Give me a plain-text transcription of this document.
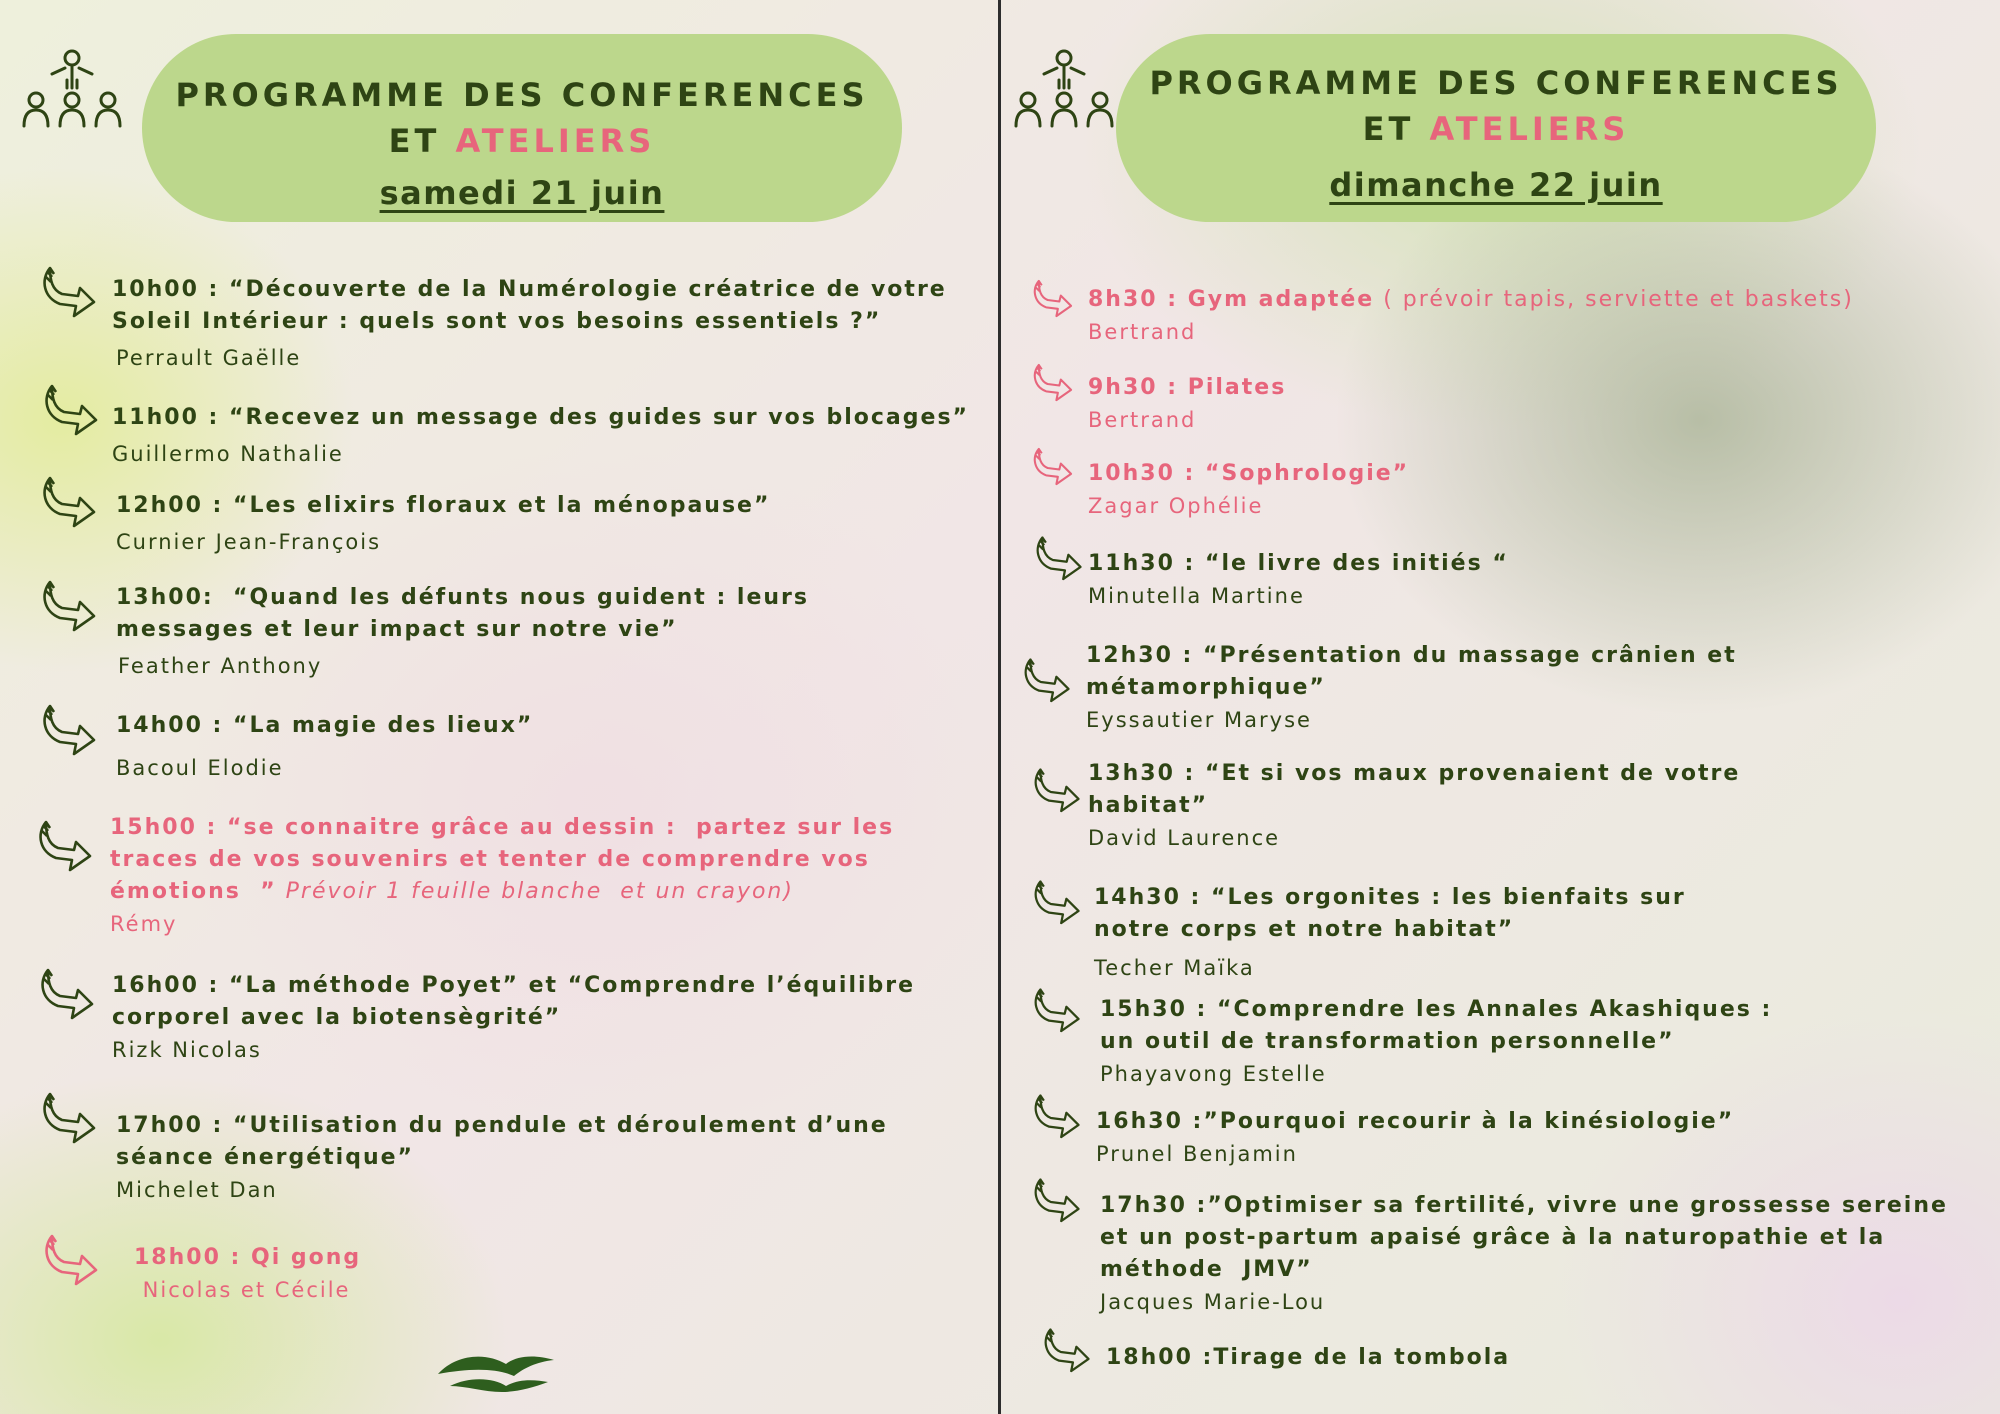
PROGRAMME DES CONFERENCES
ET ATELIERS
samedi 21 juin
PROGRAMME DES CONFERENCES
ET ATELIERS
dimanche 22 juin
10h00 : “Découverte de la Numérologie créatrice de votre
Soleil Intérieur : quels sont vos besoins essentiels ?”
Perrault Gaëlle
11h00 : “Recevez un message des guides sur vos blocages”
Guillermo Nathalie
12h00 : “Les elixirs floraux et la ménopause”
Curnier Jean-François
13h00:  “Quand les défunts nous guident : leurs
messages et leur impact sur notre vie”
Feather Anthony
14h00 : “La magie des lieux”
Bacoul Elodie
15h00 : “se connaitre grâce au dessin :  partez sur les
traces de vos souvenirs et tenter de comprendre vos
émotions  ” Prévoir 1 feuille blanche  et un crayon)
Rémy
16h00 : “La méthode Poyet” et “Comprendre l’équilibre
corporel avec la biotensègrité”
Rizk Nicolas
17h00 : “Utilisation du pendule et déroulement d’une
séance énergétique”
Michelet Dan
18h00 : Qi gong
Nicolas et Cécile
8h30 : Gym adaptée ( prévoir tapis, serviette et baskets)
Bertrand
9h30 : Pilates
Bertrand
10h30 : “Sophrologie”
Zagar Ophélie
11h30 : “le livre des initiés “
Minutella Martine
12h30 : “Présentation du massage crânien et
métamorphique”
Eyssautier Maryse
13h30 : “Et si vos maux provenaient de votre
habitat”
David Laurence
14h30 : “Les orgonites : les bienfaits sur
notre corps et notre habitat”
Techer Maïka
15h30 : “Comprendre les Annales Akashiques :
un outil de transformation personnelle”
Phayavong Estelle
16h30 :”Pourquoi recourir à la kinésiologie”
Prunel Benjamin
17h30 :”Optimiser sa fertilité, vivre une grossesse sereine
et un post-partum apaisé grâce à la naturopathie et la
méthode  JMV”
Jacques Marie-Lou
18h00 :Tirage de la tombola
